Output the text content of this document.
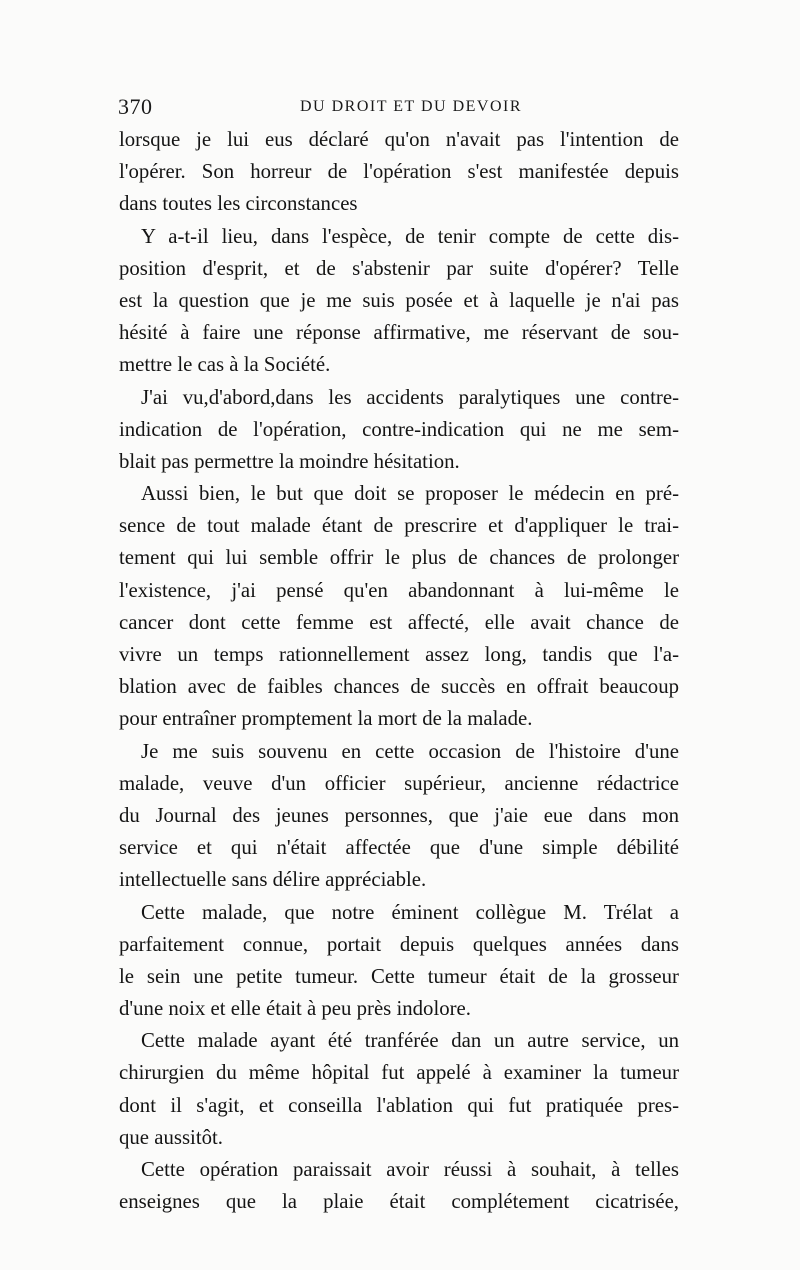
370	DU DROIT ET DU DEVOIR
lorsque je lui eus déclaré qu'on n'avait pas l'intention de
l'opérer. Son horreur de l'opération s'est manifestée depuis
dans toutes les circonstances
Y a-t-il lieu, dans l'espèce, de tenir compte de cette dis-
position d'esprit, et de s'abstenir par suite d'opérer? Telle
est la question que je me suis posée et à laquelle je n'ai pas
hésité à faire une réponse affirmative, me réservant de sou-
mettre le cas à la Société.
J'ai vu,d'abord,dans les accidents paralytiques une contre-
indication de l'opération, contre-indication qui ne me sem-
blait pas permettre la moindre hésitation.
Aussi bien, le but que doit se proposer le médecin en pré-
sence de tout malade étant de prescrire et d'appliquer le trai-
tement qui lui semble offrir le plus de chances de prolonger
l'existence, j'ai pensé qu'en abandonnant à lui-même le
cancer dont cette femme est affecté, elle avait chance de
vivre un temps rationnellement assez long, tandis que l'a-
blation avec de faibles chances de succès en offrait beaucoup
pour entraîner promptement la mort de la malade.
Je me suis souvenu en cette occasion de l'histoire d'une
malade, veuve d'un officier supérieur, ancienne rédactrice
du Journal des jeunes personnes, que j'aie eue dans mon
service et qui n'était affectée que d'une simple débilité
intellectuelle sans délire appréciable.
Cette malade, que notre éminent collègue M. Trélat a
parfaitement connue, portait depuis quelques années dans
le sein une petite tumeur. Cette tumeur était de la grosseur
d'une noix et elle était à peu près indolore.
Cette malade ayant été tranférée dan un autre service, un
chirurgien du même hôpital fut appelé à examiner la tumeur
dont il s'agit, et conseilla l'ablation qui fut pratiquée pres-
que aussitôt.
Cette opération paraissait avoir réussi à souhait, à telles
enseignes que la plaie était complétement cicatrisée,
